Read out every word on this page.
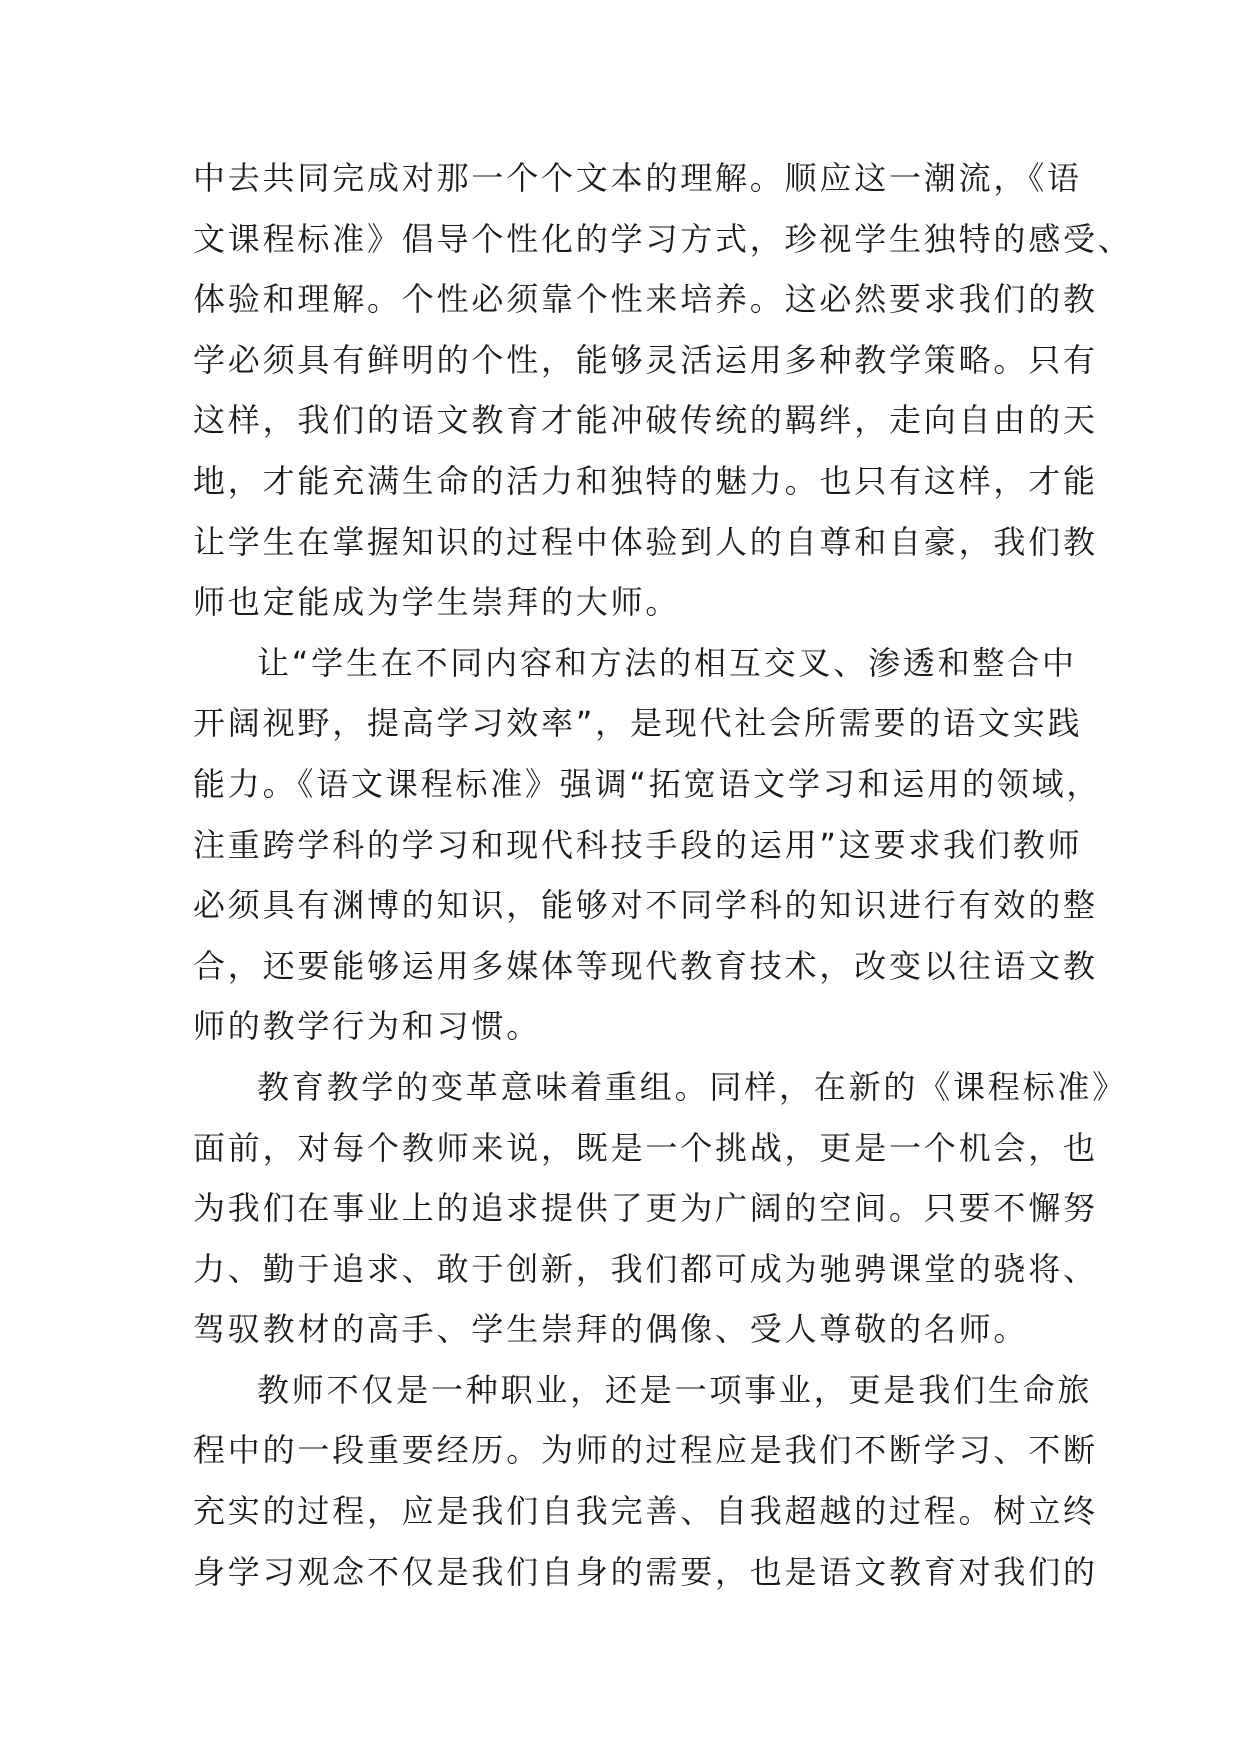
中去共同完成对那一个个文本的理解。顺应这一潮流，《语
文课程标准》倡导个性化的学习方式，珍视学生独特的感受、
体验和理解。个性必须靠个性来培养。这必然要求我们的教
学必须具有鲜明的个性，能够灵活运用多种教学策略。只有
这样，我们的语文教育才能冲破传统的羁绊，走向自由的天
地，才能充满生命的活力和独特的魅力。也只有这样，才能
让学生在掌握知识的过程中体验到人的自尊和自豪，我们教
师也定能成为学生崇拜的大师。
让“学生在不同内容和方法的相互交叉、渗透和整合中
开阔视野，提高学习效率”，是现代社会所需要的语文实践
能力。《语文课程标准》强调“拓宽语文学习和运用的领域，
注重跨学科的学习和现代科技手段的运用”这要求我们教师
必须具有渊博的知识，能够对不同学科的知识进行有效的整
合，还要能够运用多媒体等现代教育技术，改变以往语文教
师的教学行为和习惯。
教育教学的变革意味着重组。同样，在新的《课程标准》
面前，对每个教师来说，既是一个挑战，更是一个机会，也
为我们在事业上的追求提供了更为广阔的空间。只要不懈努
力、勤于追求、敢于创新，我们都可成为驰骋课堂的骁将、
驾驭教材的高手、学生崇拜的偶像、受人尊敬的名师。
教师不仅是一种职业，还是一项事业，更是我们生命旅
程中的一段重要经历。为师的过程应是我们不断学习、不断
充实的过程，应是我们自我完善、自我超越的过程。树立终
身学习观念不仅是我们自身的需要，也是语文教育对我们的
